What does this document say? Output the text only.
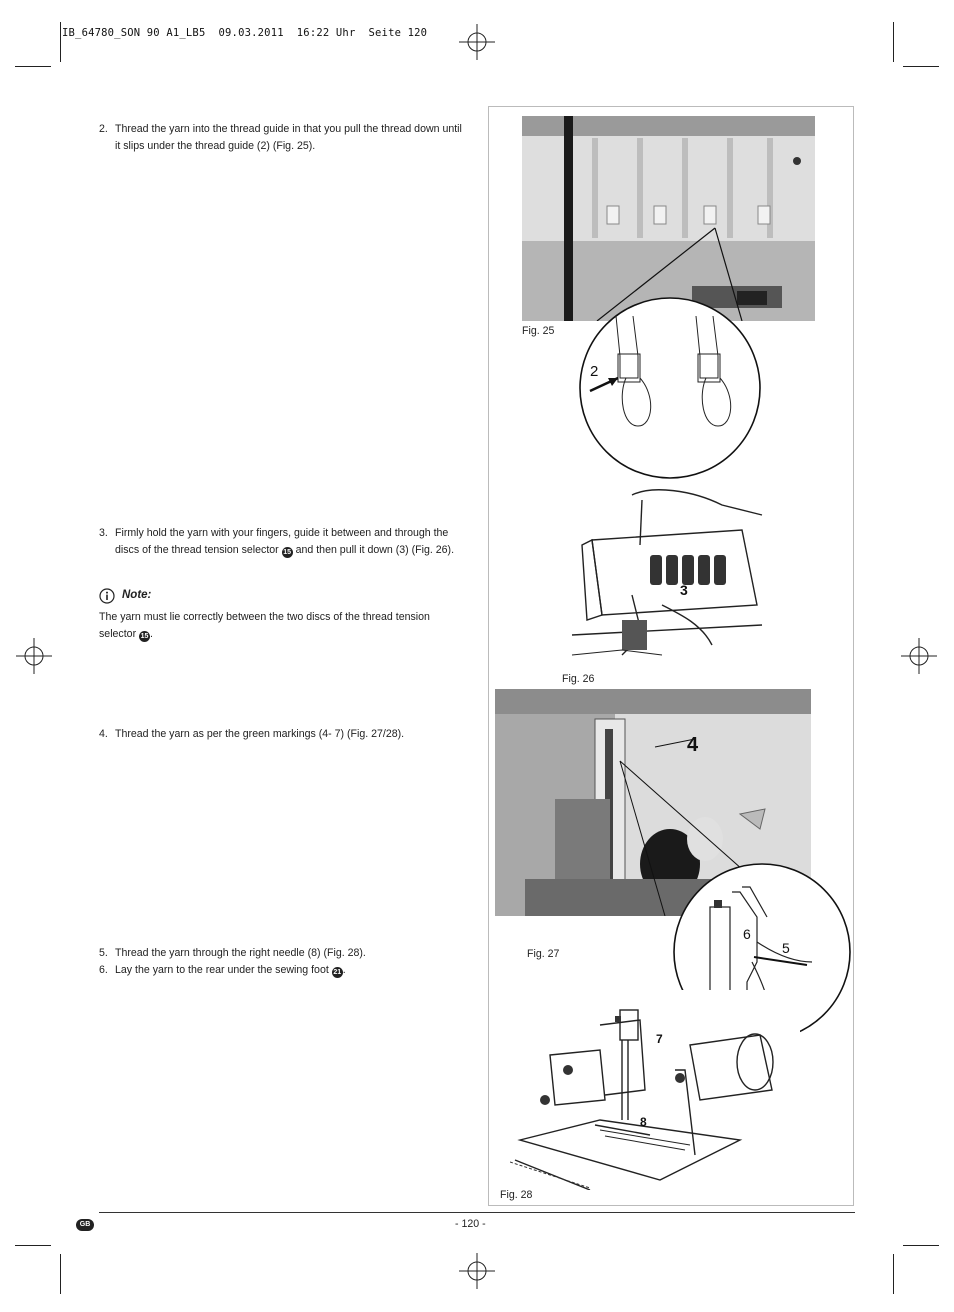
IB_64780_SON 90 A1_LB5  09.03.2011  16:22 Uhr  Seite 120
2. Thread the yarn into the thread guide in that you pull the thread down until it slips under the thread guide (2) (Fig. 25).
3. Firmly hold the yarn with your fingers, guide it between and through the discs of the thread tension selector 15 and then pull it down (3) (Fig. 26).
Note:
The yarn must lie correctly between the two discs of the thread tension selector 15 .
4. Thread the yarn as per the green markings (4- 7) (Fig. 27/28).
5. Thread the yarn through the right needle (8) (Fig. 28).
6. Lay the yarn to the rear under the sewing foot 21 .
Fig. 25
2
3
Fig. 26
4
6
5
Fig. 27
7
8
Fig. 28
GB	- 120 -
